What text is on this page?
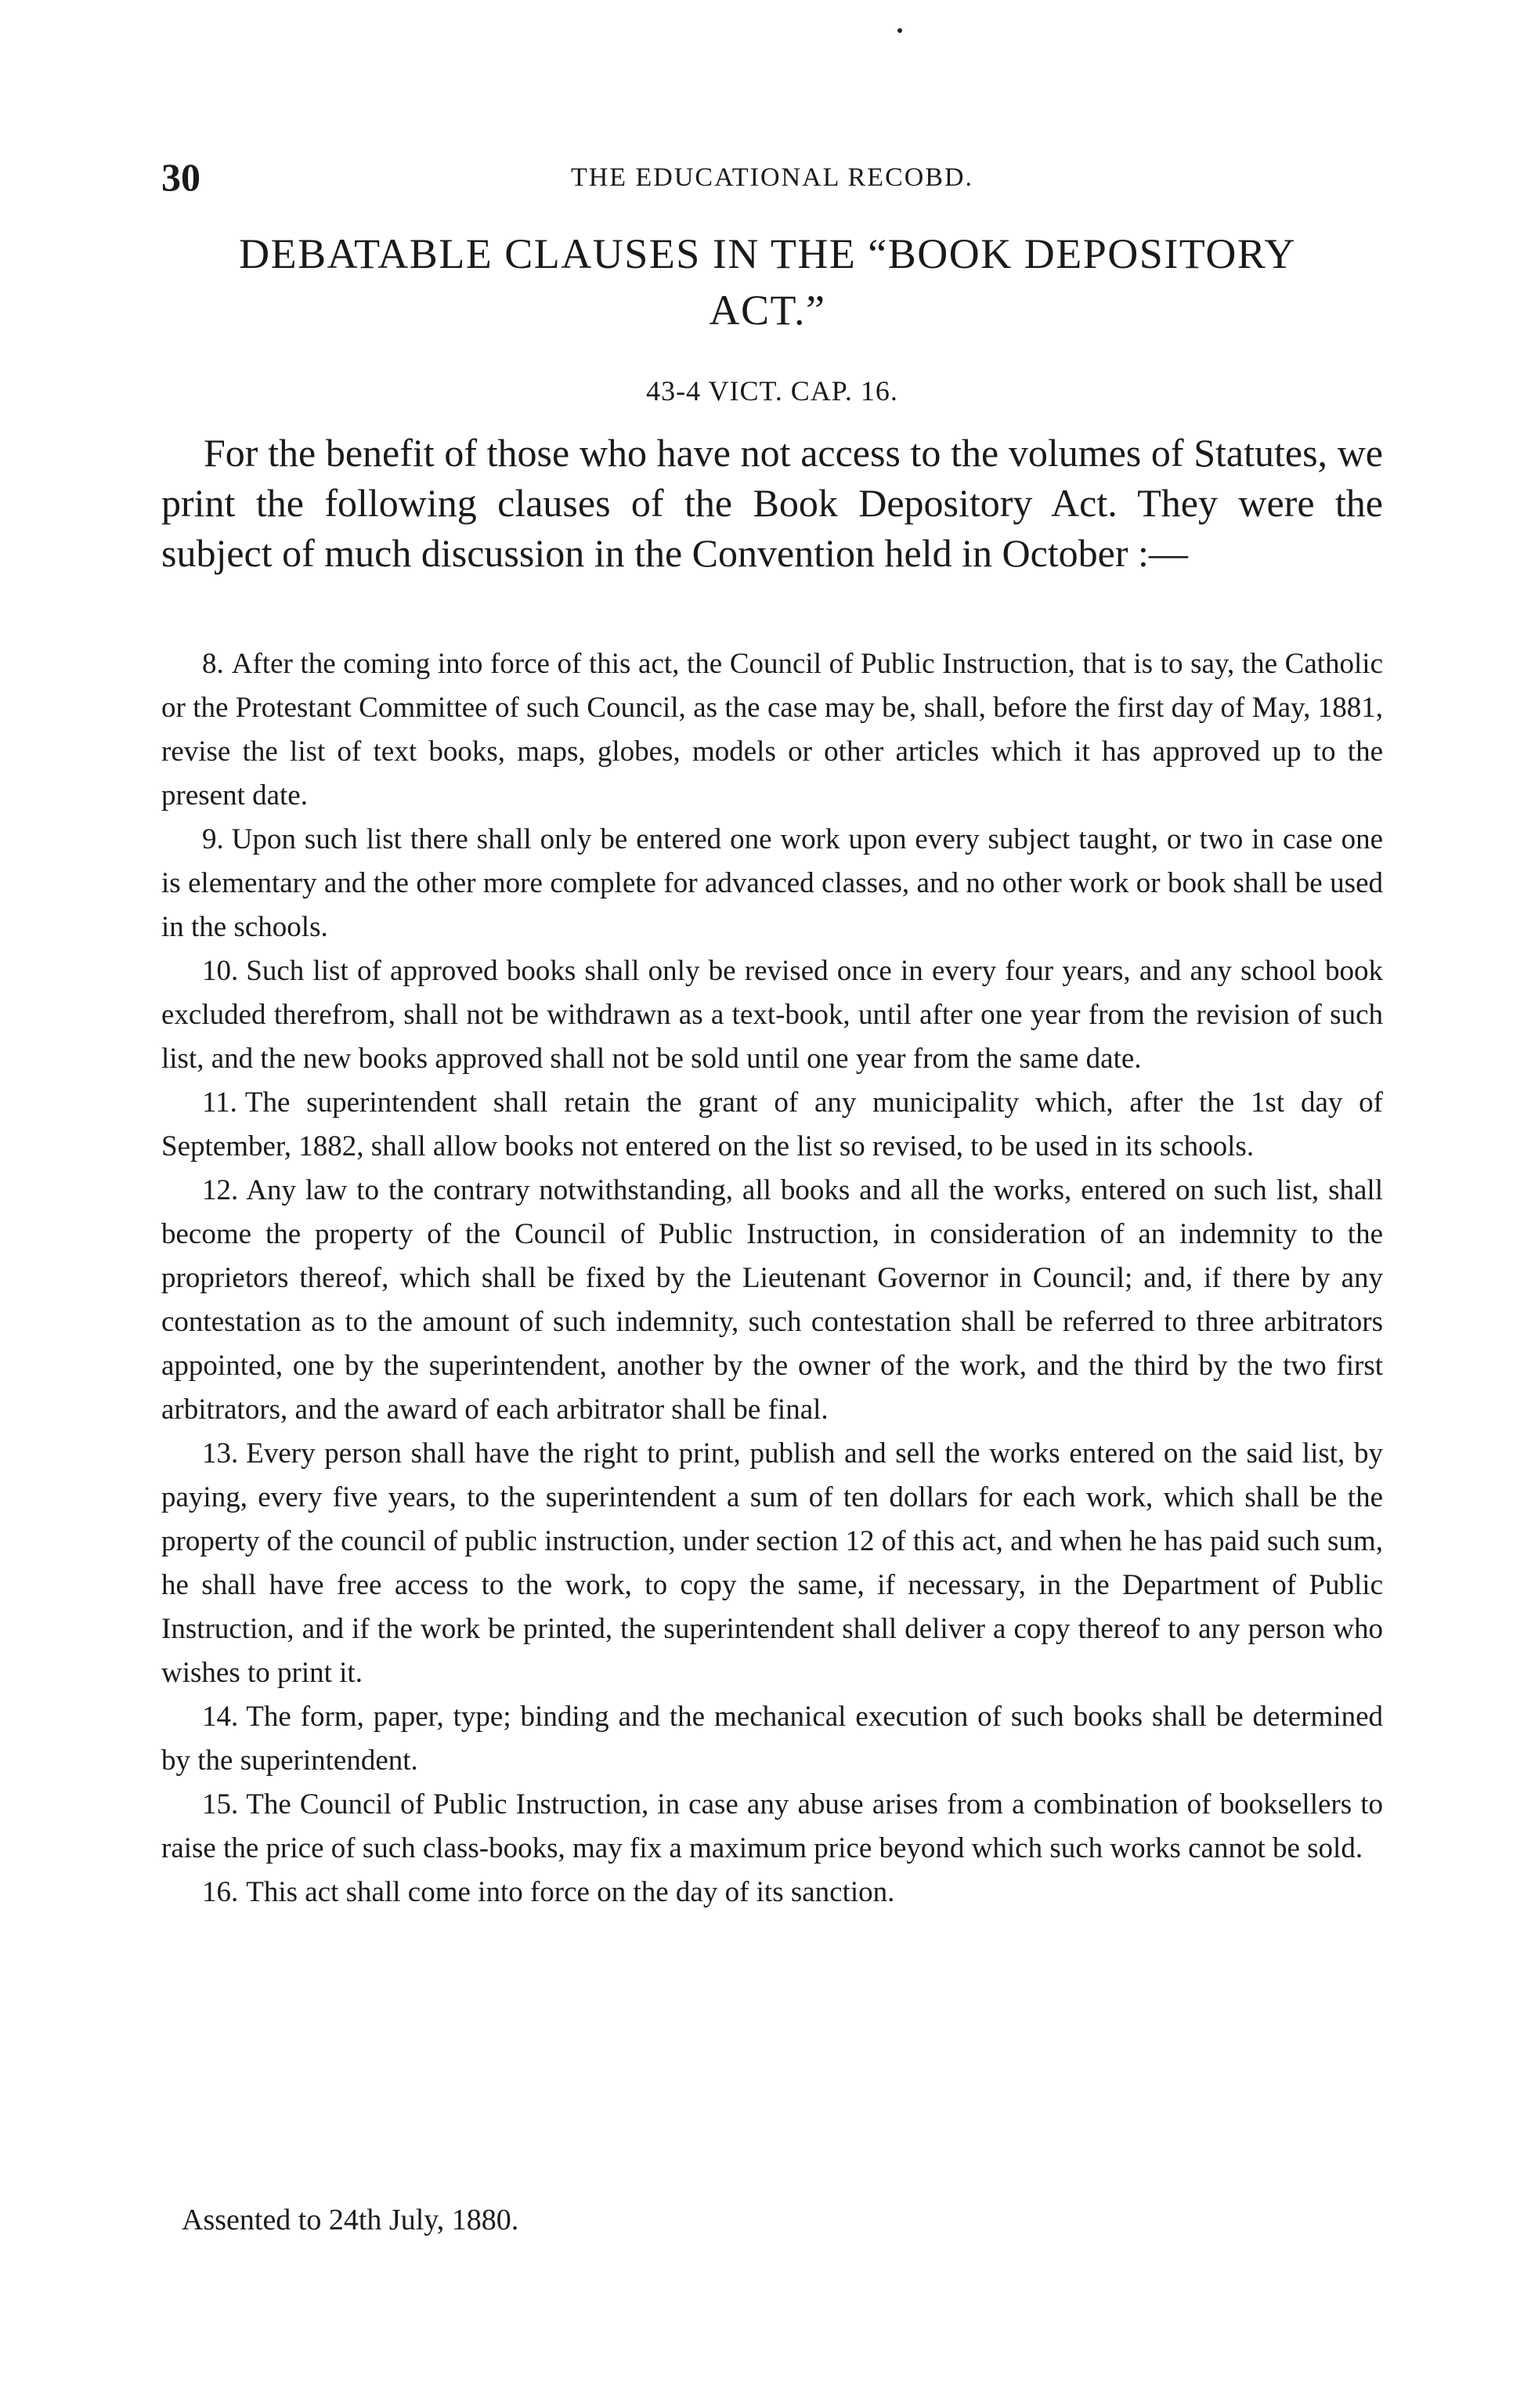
30	THE EDUCATIONAL RECOBD.
DEBATABLE CLAUSES IN THE “BOOK DEPOSITORY ACT.”
43-4 VICT. CAP. 16.

For the benefit of those who have not access to the volumes of Statutes, we print the following clauses of the Book Depository Act. They were the subject of much discussion in the Convention held in October :—

8. After the coming into force of this act, the Council of Public Instruction, that is to say, the Catholic or the Protestant Committee of such Council, as the case may be, shall, before the first day of May, 1881, revise the list of text books, maps, globes, models or other articles which it has approved up to the present date.

9. Upon such list there shall only be entered one work upon every subject taught, or two in case one is elementary and the other more complete for advanced classes, and no other work or book shall be used in the schools.

10. Such list of approved books shall only be revised once in every four years, and any school book excluded therefrom, shall not be withdrawn as a text-book, until after one year from the revision of such list, and the new books approved shall not be sold until one year from the same date.

11. The superintendent shall retain the grant of any municipality which, after the 1st day of September, 1882, shall allow books not entered on the list so revised, to be used in its schools.

12. Any law to the contrary notwithstanding, all books and all the works, entered on such list, shall become the property of the Council of Public Instruction, in consideration of an indemnity to the proprietors thereof, which shall be fixed by the Lieutenant Governor in Council; and, if there by any contestation as to the amount of such indemnity, such contestation shall be referred to three arbitrators appointed, one by the superintendent, another by the owner of the work, and the third by the two first arbitrators, and the award of each arbitrator shall be final.

13. Every person shall have the right to print, publish and sell the works entered on the said list, by paying, every five years, to the superintendent a sum of ten dollars for each work, which shall be the property of the council of public instruction, under section 12 of this act, and when he has paid such sum, he shall have free access to the work, to copy the same, if necessary, in the Department of Public Instruction, and if the work be printed, the superintendent shall deliver a copy thereof to any person who wishes to print it.

14. The form, paper, type; binding and the mechanical execution of such books shall be determined by the superintendent.

15. The Council of Public Instruction, in case any abuse arises from a combination of booksellers to raise the price of such class-books, may fix a maximum price beyond which such works cannot be sold.

16. This act shall come into force on the day of its sanction.

Assented to 24th July, 1880.
